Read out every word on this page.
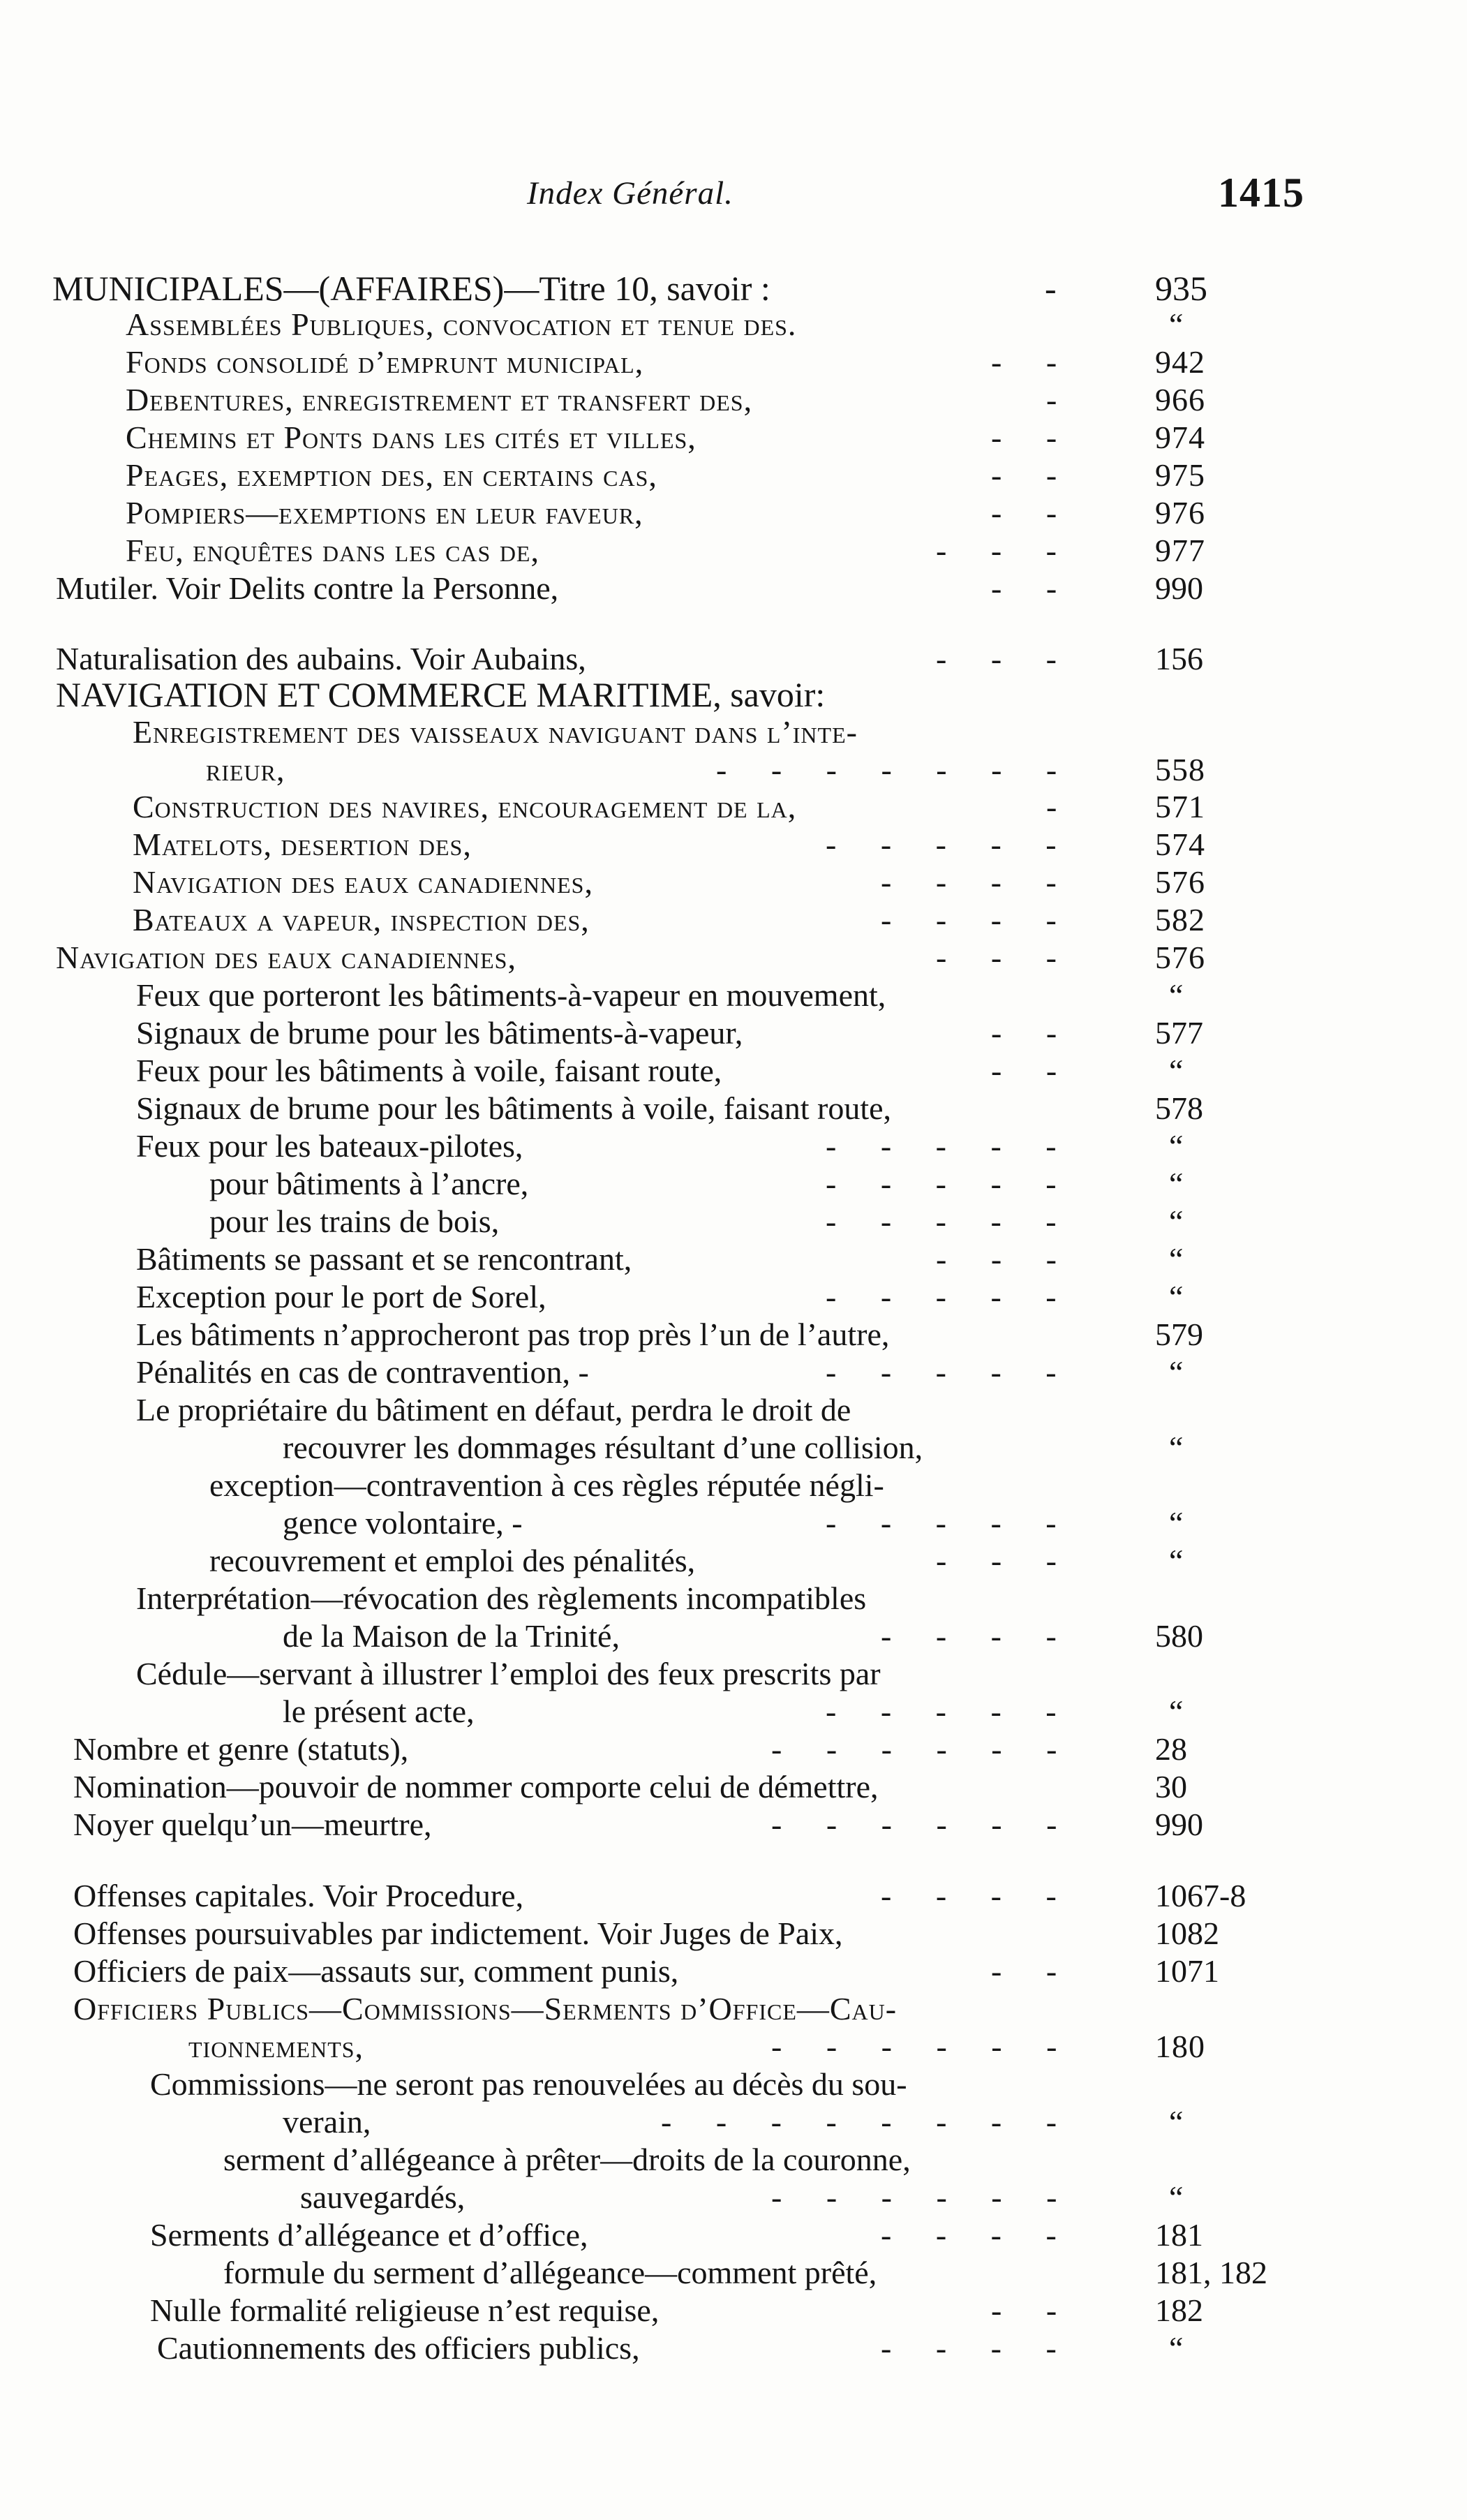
Index Général.	1415
MUNICIPALES—(AFFAIRES)—Titre 10, savoir :	- 935
Assemblées Publiques, convocation et tenue des.	“
Fonds consolidé d’emprunt municipal,	- - 942
Debentures, enregistrement et transfert des,	- 966
Chemins et Ponts dans les cités et villes,	- - 974
Peages, exemption des, en certains cas,	- - 975
Pompiers—exemptions en leur faveur,	- - 976
Feu, enquêtes dans les cas de,	- - -	977
Mutiler. Voir Delits contre la Personne,	- - 990
Naturalisation des aubains. Voir Aubains,	- - -	156
NAVIGATION ET COMMERCE MARITIME, savoir:
Enregistrement des vaisseaux naviguant dans l’inte-
rieur,	- - - - - - - 558
Construction des navires, encouragement de la,	- 571
Matelots, desertion des,	- - - - -	574
Navigation des eaux canadiennes,	- - - -	576
Bateaux a vapeur, inspection des,	- - - -	582
Navigation des eaux canadiennes,	- - -	576
Feux que porteront les bâtiments-à-vapeur en mouvement,	“
Signaux de brume pour les bâtiments-à-vapeur,	- - 577
Feux pour les bâtiments à voile, faisant route,	- -	“
Signaux de brume pour les bâtiments à voile, faisant route,	578
Feux pour les bateaux-pilotes,	- - - - -	“
pour bâtiments à l’ancre,	- - - - -	“
pour les trains de bois,	- - - - -	“
Bâtiments se passant et se rencontrant,	- - -	“
Exception pour le port de Sorel,	- - - - -	“
Les bâtiments n’approcheront pas trop près l’un de l’autre,	579
Pénalités en cas de contravention, -	- - - - -	“
Le propriétaire du bâtiment en défaut, perdra le droit de
recouvrer les dommages résultant d’une collision,	“
exception—contravention à ces règles réputée négli-
gence volontaire, -	- - - - -	“
recouvrement et emploi des pénalités,	- - -	“
Interprétation—révocation des règlements incompatibles
de la Maison de la Trinité,	- - - -	580
Cédule—servant à illustrer l’emploi des feux prescrits par
le présent acte,	- - - - -	“
Nombre et genre (statuts),	- - - - - - 28
Nomination—pouvoir de nommer comporte celui de démettre,	30
Noyer quelqu’un—meurtre,	- - - - - - 990
Offenses capitales. Voir Procedure,	- - - -	1067-8
Offenses poursuivables par indictement. Voir Juges de Paix,	1082
Officiers de paix—assauts sur, comment punis,	- - 1071
Officiers Publics—Commissions—Serments d’Office—Cau-
tionnements,	- - - - - - 180
Commissions—ne seront pas renouvelées au décès du sou-
verain,	- - - - - - - -	“
serment d’allégeance à prêter—droits de la couronne,
sauvegardés,	- - - - - -	“
Serments d’allégeance et d’office,	- - - -	181
formule du serment d’allégeance—comment prêté,	181, 182
Nulle formalité religieuse n’est requise,	- - 182
Cautionnements des officiers publics,	- - - -	“
